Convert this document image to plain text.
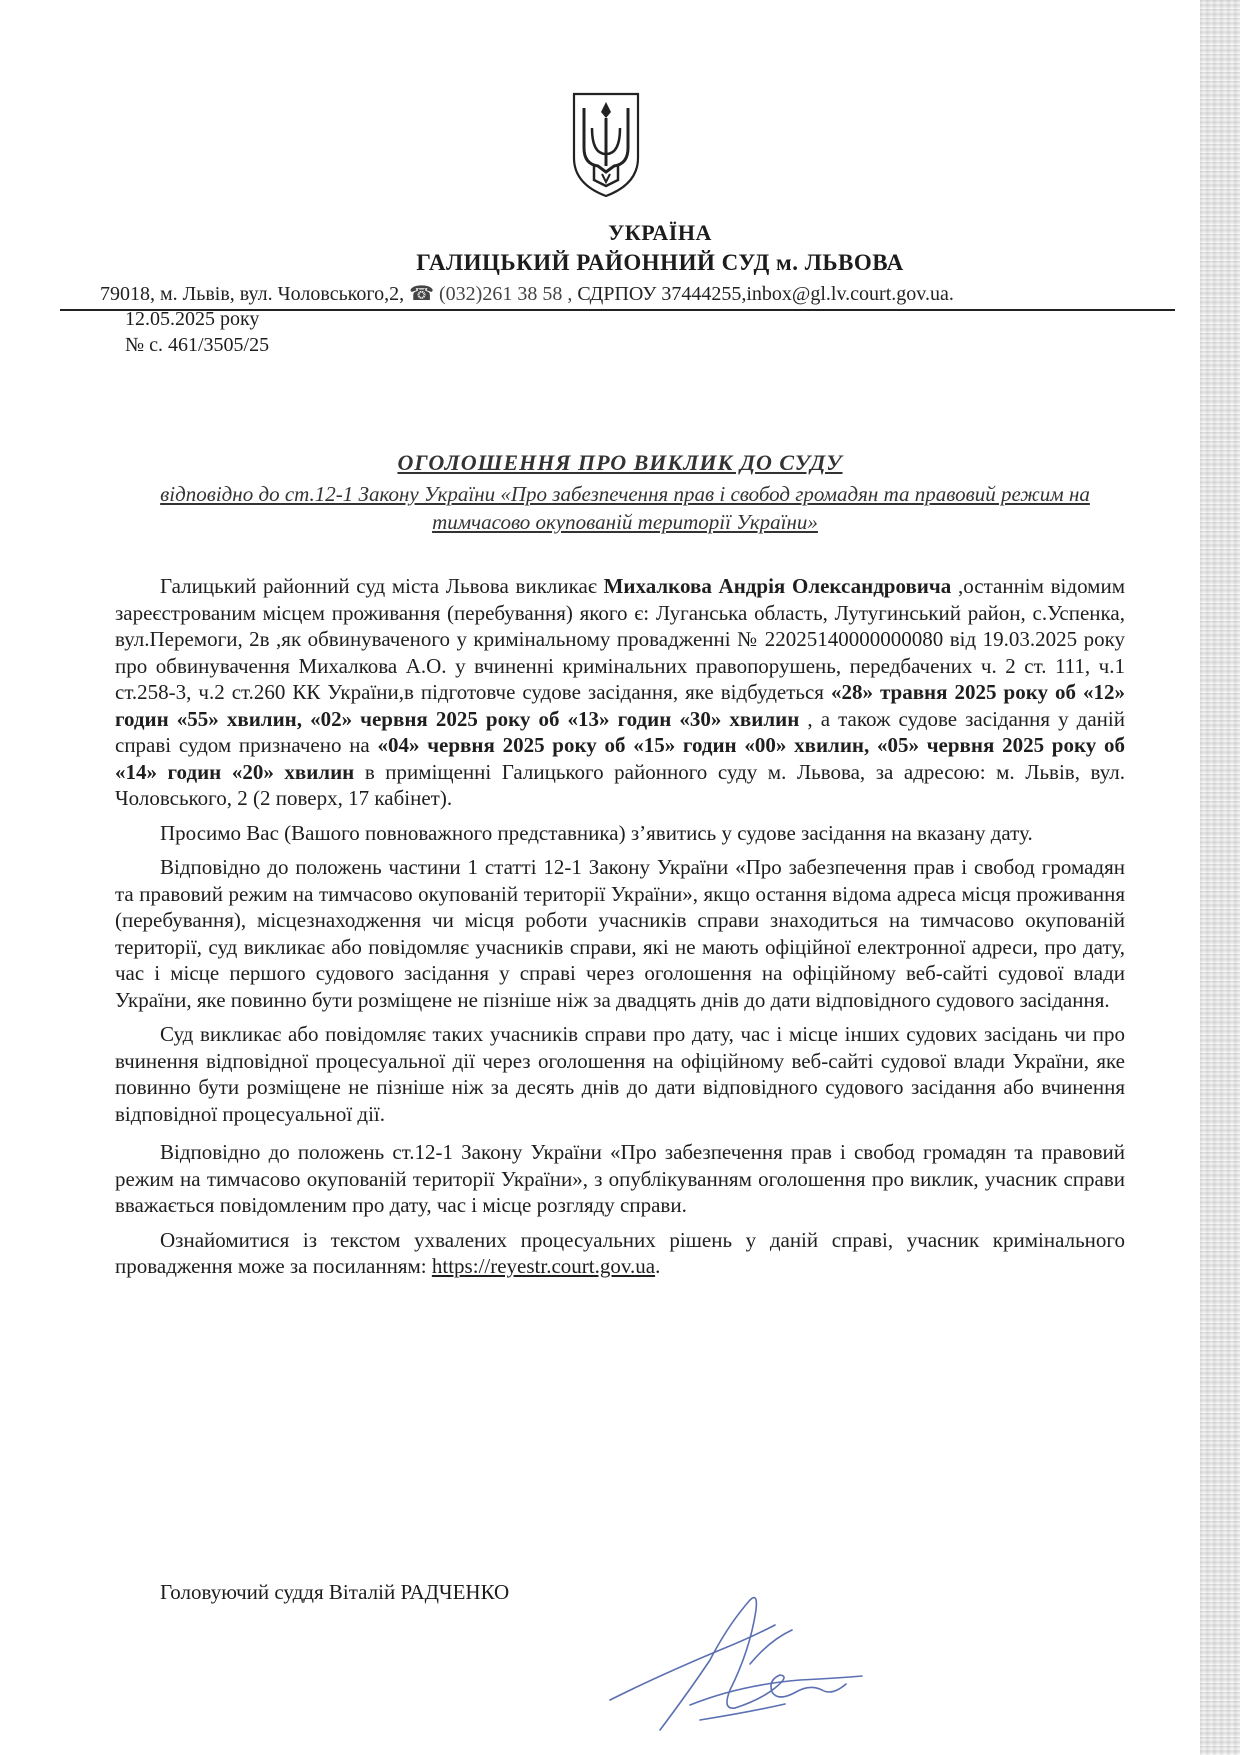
УКРАЇНА
ГАЛИЦЬКИЙ РАЙОННИЙ СУД м. ЛЬВОВА
79018, м. Львів, вул. Чоловського,2, ☎ (032)261 38 58 , СДРПОУ 37444255,inbox@gl.lv.court.gov.ua.
12.05.2025 року
№ с. 461/3505/25
ОГОЛОШЕННЯ ПРО ВИКЛИК ДО СУДУ
відповідно до ст.12-1 Закону України «Про забезпечення прав і свобод громадян та правовий режим на тимчасово окупованій території України»

Галицький районний суд міста Львова викликає Михалкова Андрія Олександровича ,останнім відомим зареєстрованим місцем проживання (перебування) якого є: Луганська область, Лутугинський район, с.Успенка, вул.Перемоги, 2в ,як обвинуваченого у кримінальному провадженні № 22025140000000080 від 19.03.2025 року про обвинувачення Михалкова А.О. у вчиненні кримінальних правопорушень, передбачених ч. 2 ст. 111, ч.1 ст.258-3, ч.2 ст.260 КК України,в підготовче судове засідання, яке відбудеться «28» травня 2025 року об «12» годин «55» хвилин, «02» червня 2025 року об «13» годин «30» хвилин , а також судове засідання у даній справі судом призначено на «04» червня 2025 року об «15» годин «00» хвилин, «05» червня 2025 року об «14» годин «20» хвилин в приміщенні Галицького районного суду м. Львова, за адресою: м. Львів, вул. Чоловського, 2 (2 поверх, 17 кабінет).

Просимо Вас (Вашого повноважного представника) з’явитись у судове засідання на вказану дату.

Відповідно до положень частини 1 статті 12-1 Закону України «Про забезпечення прав і свобод громадян та правовий режим на тимчасово окупованій території України», якщо остання відома адреса місця проживання (перебування), місцезнаходження чи місця роботи учасників справи знаходиться на тимчасово окупованій території, суд викликає або повідомляє учасників справи, які не мають офіційної електронної адреси, про дату, час і місце першого судового засідання у справі через оголошення на офіційному веб-сайті судової влади України, яке повинно бути розміщене не пізніше ніж за двадцять днів до дати відповідного судового засідання.

Суд викликає або повідомляє таких учасників справи про дату, час і місце інших судових засідань чи про вчинення відповідної процесуальної дії через оголошення на офіційному веб-сайті судової влади України, яке повинно бути розміщене не пізніше ніж за десять днів до дати відповідного судового засідання або вчинення відповідної процесуальної дії.

Відповідно до положень ст.12-1 Закону України «Про забезпечення прав і свобод громадян та правовий режим на тимчасово окупованій території України», з опублікуванням оголошення про виклик, учасник справи вважається повідомленим про дату, час і місце розгляду справи.

Ознайомитися із текстом ухвалених процесуальних рішень у даній справі, учасник кримінального провадження може за посиланням: https://reyestr.court.gov.ua.

Головуючий суддя Віталій РАДЧЕНКО
